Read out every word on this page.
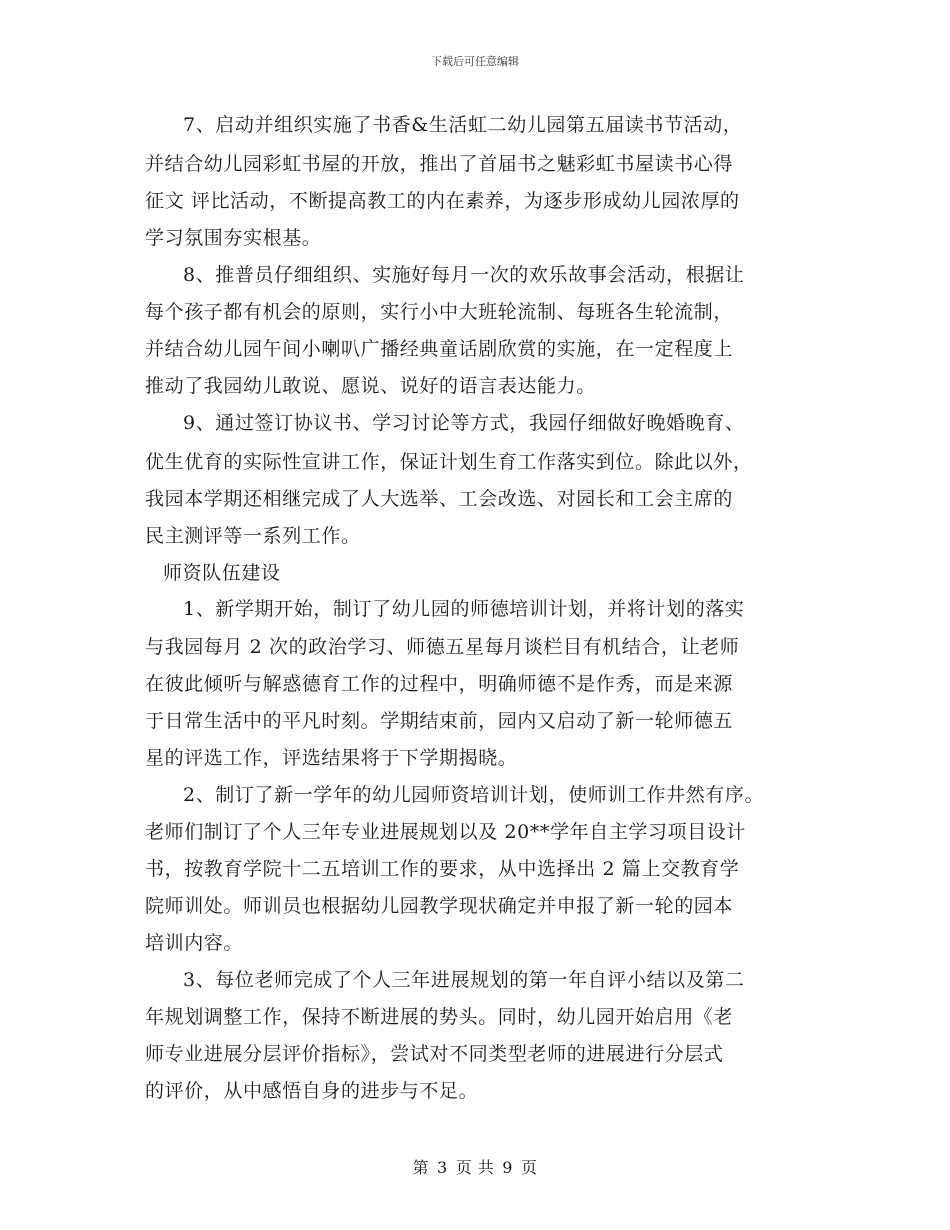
下载后可任意编辑
7、启动并组织实施了书香&生活虹二幼儿园第五届读书节活动，
并结合幼儿园彩虹书屋的开放，推出了首届书之魅彩虹书屋读书心得
征文 评比活动，不断提高教工的内在素养，为逐步形成幼儿园浓厚的
学习氛围夯实根基。
8、推普员仔细组织、实施好每月一次的欢乐故事会活动，根据让
每个孩子都有机会的原则，实行小中大班轮流制、每班各生轮流制，
并结合幼儿园午间小喇叭广播经典童话剧欣赏的实施，在一定程度上
推动了我园幼儿敢说、愿说、说好的语言表达能力。
9、通过签订协议书、学习讨论等方式，我园仔细做好晚婚晚育、
优生优育的实际性宣讲工作，保证计划生育工作落实到位。除此以外，
我园本学期还相继完成了人大选举、工会改选、对园长和工会主席的
民主测评等一系列工作。
师资队伍建设
1、新学期开始，制订了幼儿园的师德培训计划，并将计划的落实
与我园每月 2 次的政治学习、师德五星每月谈栏目有机结合，让老师
在彼此倾听与解惑德育工作的过程中，明确师德不是作秀，而是来源
于日常生活中的平凡时刻。学期结束前，园内又启动了新一轮师德五
星的评选工作，评选结果将于下学期揭晓。
2、制订了新一学年的幼儿园师资培训计划，使师训工作井然有序。
老师们制订了个人三年专业进展规划以及 20**学年自主学习项目设计
书，按教育学院十二五培训工作的要求，从中选择出 2 篇上交教育学
院师训处。师训员也根据幼儿园教学现状确定并申报了新一轮的园本
培训内容。
3、每位老师完成了个人三年进展规划的第一年自评小结以及第二
年规划调整工作，保持不断进展的势头。同时，幼儿园开始启用《老
师专业进展分层评价指标》，尝试对不同类型老师的进展进行分层式
的评价，从中感悟自身的进步与不足。
第 3 页 共 9 页
